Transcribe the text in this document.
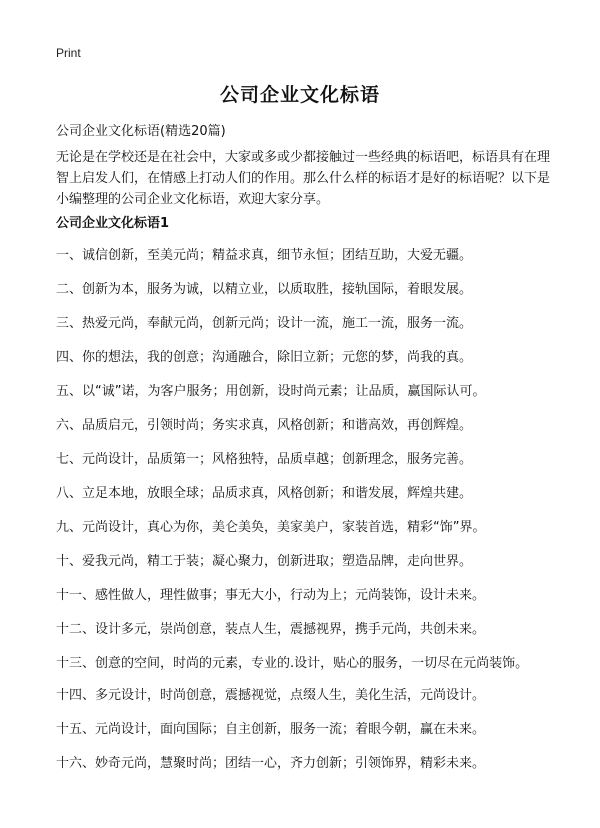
Print
公司企业文化标语
公司企业文化标语(精选20篇)

无论是在学校还是在社会中，大家或多或少都接触过一些经典的标语吧，标语具有在理智上启发人们，在情感上打动人们的作用。那么什么样的标语才是好的标语呢？以下是小编整理的公司企业文化标语，欢迎大家分享。

公司企业文化标语1
一、诚信创新，至美元尚；精益求真，细节永恒；团结互助，大爱无疆。
二、创新为本，服务为诚，以精立业，以质取胜，接轨国际，着眼发展。
三、热爱元尚，奉献元尚，创新元尚；设计一流，施工一流，服务一流。
四、你的想法，我的创意；沟通融合，除旧立新；元您的梦，尚我的真。
五、以“诚”诺，为客户服务；用创新，设时尚元素；让品质，赢国际认可。
六、品质启元，引领时尚；务实求真，风格创新；和谐高效，再创辉煌。
七、元尚设计，品质第一；风格独特，品质卓越；创新理念，服务完善。
八、立足本地，放眼全球；品质求真，风格创新；和谐发展，辉煌共建。
九、元尚设计，真心为你，美仑美奂，美家美户，家装首选，精彩“饰”界。
十、爱我元尚，精工于装；凝心聚力，创新进取；塑造品牌，走向世界。
十一、感性做人，理性做事；事无大小，行动为上；元尚装饰，设计未来。
十二、设计多元，崇尚创意，装点人生，震撼视界，携手元尚，共创未来。
十三、创意的空间，时尚的元素，专业的.设计，贴心的服务，一切尽在元尚装饰。
十四、多元设计，时尚创意，震撼视觉，点缀人生，美化生活，元尚设计。
十五、元尚设计，面向国际；自主创新，服务一流；着眼今朝，赢在未来。
十六、妙奇元尚，慧聚时尚；团结一心，齐力创新；引领饰界，精彩未来。
